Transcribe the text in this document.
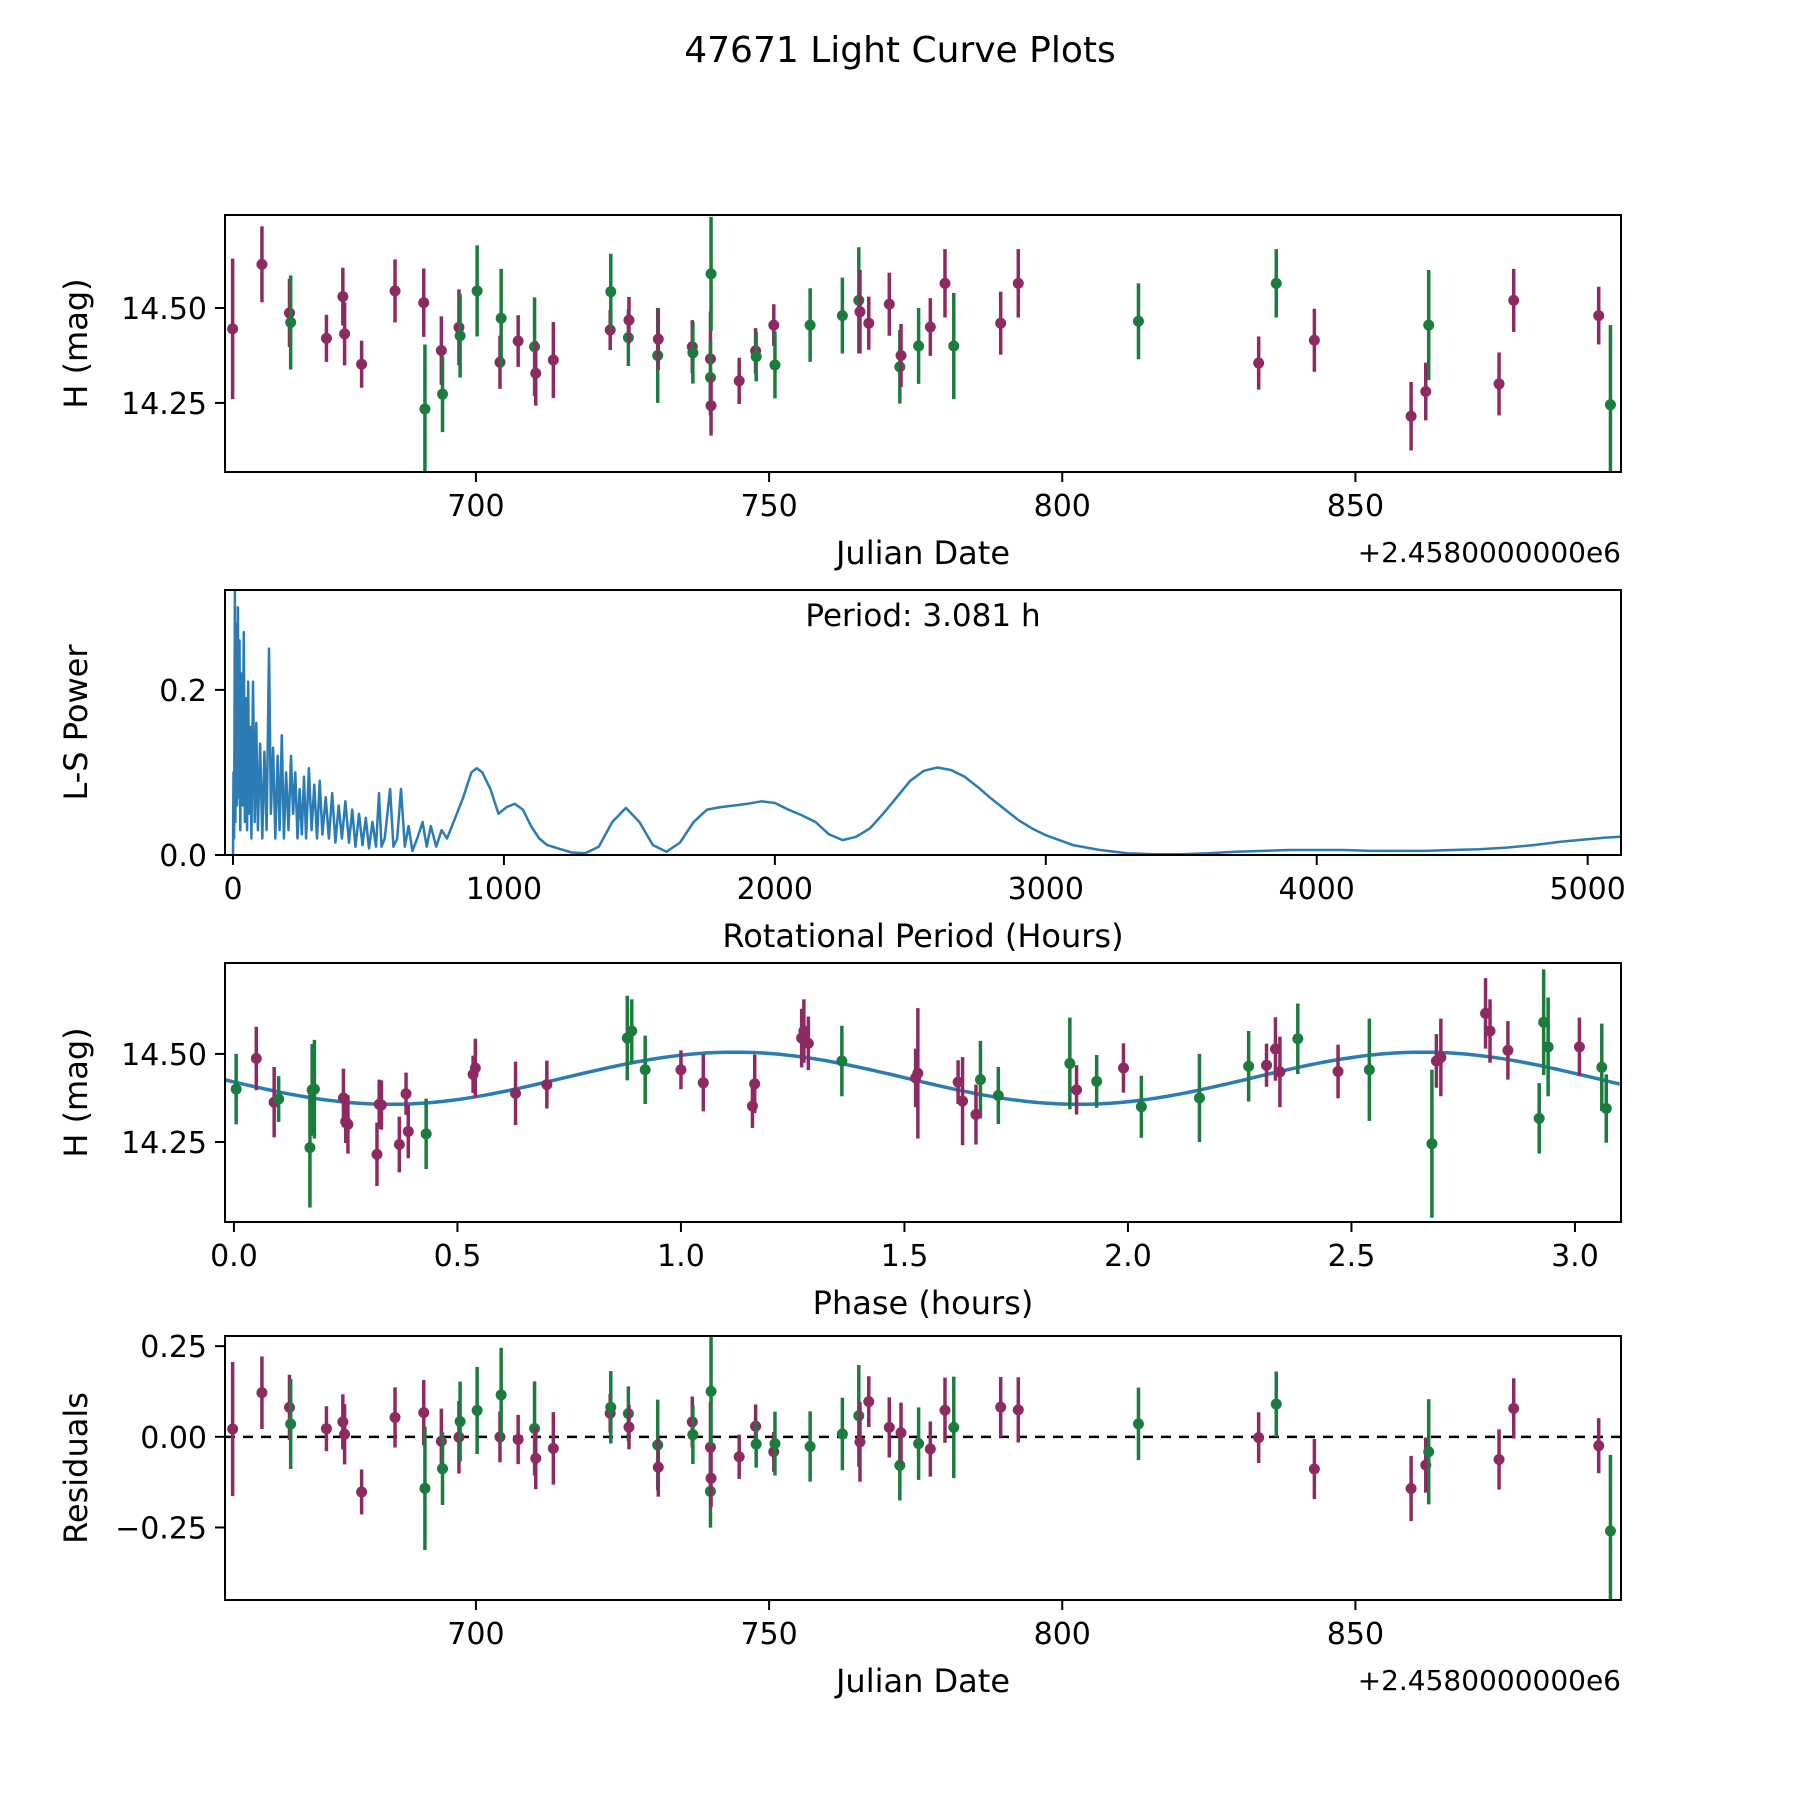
47671 Light Curve Plots
700	750	800	850
14.25
14.50
Julian Date
H (mag)
+2.4580000000e6
0	1000	2000	3000	4000	5000
0.0
0.2
Rotational Period (Hours)
L-S Power
Period: 3.081 h
0.0	0.5	1.0	1.5	2.0	2.5	3.0
14.25
14.50
Phase (hours)
H (mag)
700	750	800	850
−0.25
0.00
0.25
Julian Date
Residuals
+2.4580000000e6
